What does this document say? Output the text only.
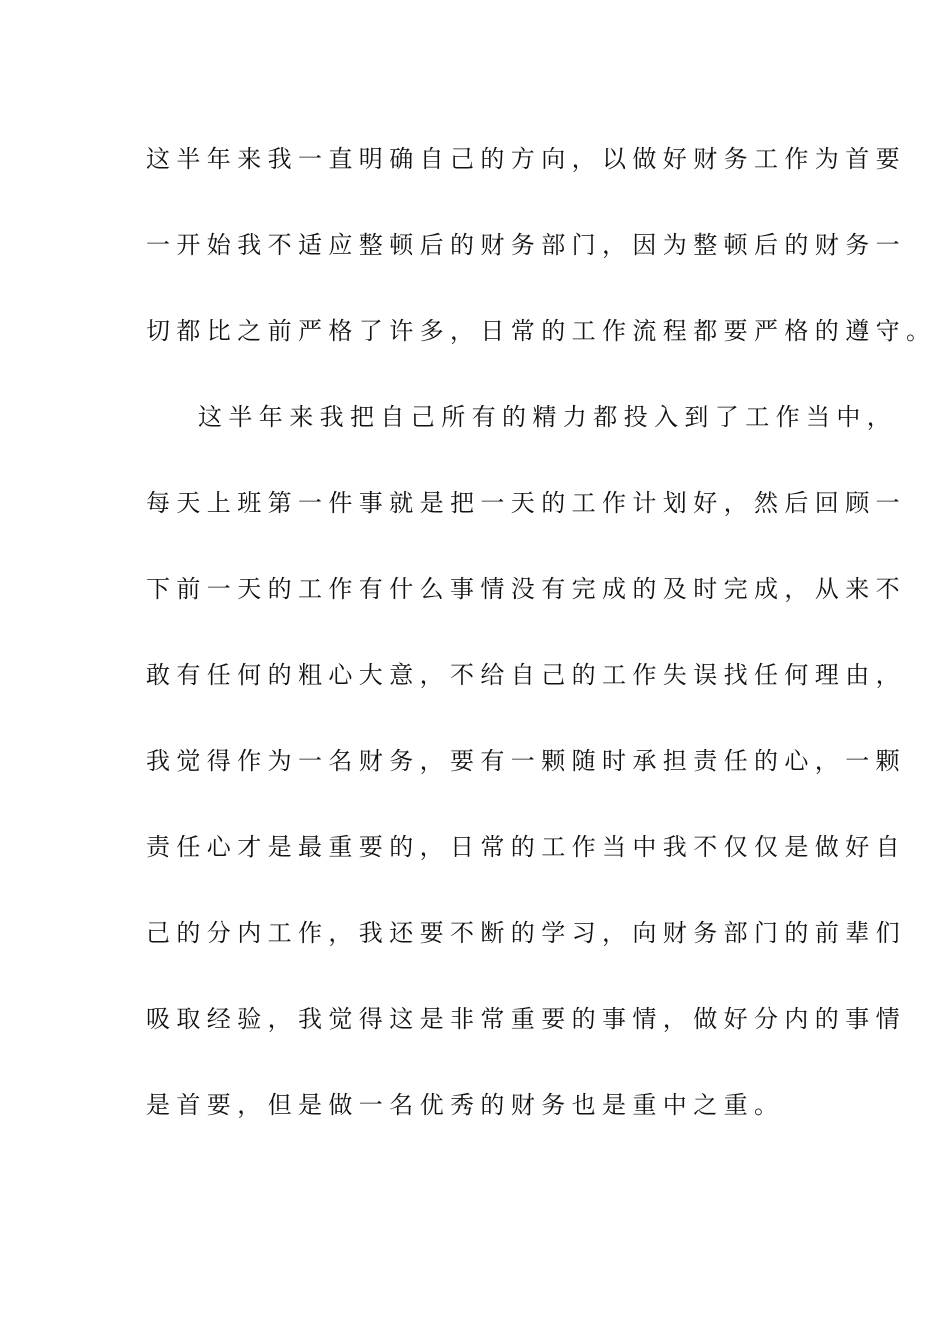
这半年来我一直明确自己的方向，以做好财务工作为首要
一开始我不适应整顿后的财务部门，因为整顿后的财务一
切都比之前严格了许多，日常的工作流程都要严格的遵守。
这半年来我把自己所有的精力都投入到了工作当中，
每天上班第一件事就是把一天的工作计划好，然后回顾一
下前一天的工作有什么事情没有完成的及时完成，从来不
敢有任何的粗心大意，不给自己的工作失误找任何理由，
我觉得作为一名财务，要有一颗随时承担责任的心，一颗
责任心才是最重要的，日常的工作当中我不仅仅是做好自
己的分内工作，我还要不断的学习，向财务部门的前辈们
吸取经验，我觉得这是非常重要的事情，做好分内的事情
是首要，但是做一名优秀的财务也是重中之重。
